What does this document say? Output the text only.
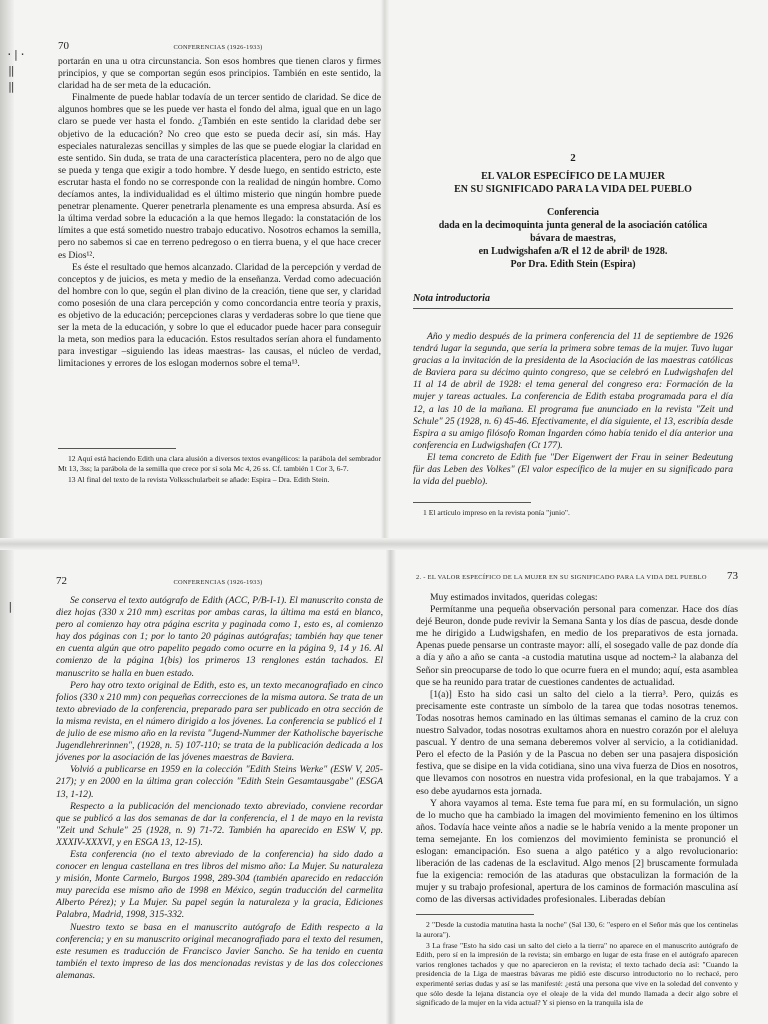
·|·
‖
‖
|
70	CONFERENCIAS (1926-1933)

portarán en una u otra circunstancia. Son esos hombres que tienen claros y firmes principios, y que se comportan según esos principios. También en este sentido, la claridad ha de ser meta de la educación.

Finalmente de puede hablar todavía de un tercer sentido de claridad. Se dice de algunos hombres que se les puede ver hasta el fondo del alma, igual que en un lago claro se puede ver hasta el fondo. ¿También en este sentido la claridad debe ser objetivo de la educación? No creo que esto se pueda decir así, sin más. Hay especiales naturalezas sencillas y simples de las que se puede elogiar la claridad en este sentido. Sin duda, se trata de una característica placentera, pero no de algo que se pueda y tenga que exigir a todo hombre. Y desde luego, en sentido estricto, este escrutar hasta el fondo no se corresponde con la realidad de ningún hombre. Como decíamos antes, la individualidad es el último misterio que ningún hombre puede penetrar plenamente. Querer penetrarla plenamente es una empresa absurda. Así es la última verdad sobre la educación a la que hemos llegado: la constatación de los límites a que está sometido nuestro trabajo educativo. Nosotros echamos la semilla, pero no sabemos si cae en terreno pedregoso o en tierra buena, y el que hace crecer es Dios¹².

Es éste el resultado que hemos alcanzado. Claridad de la percepción y verdad de conceptos y de juicios, es meta y medio de la enseñanza. Verdad como adecuación del hombre con lo que, según el plan divino de la creación, tiene que ser, y claridad como posesión de una clara percepción y como concordancia entre teoría y praxis, es objetivo de la educación; percepciones claras y verdaderas sobre lo que tiene que ser la meta de la educación, y sobre lo que el educador puede hacer para conseguir la meta, son medios para la educación. Estos resultados serían ahora el fundamento para investigar –siguiendo las ideas maestras- las causas, el núcleo de verdad, limitaciones y errores de los eslogan modernos sobre el tema¹³.

12 Aquí está haciendo Edith una clara alusión a diversos textos evangélicos: la parábola del sembrador Mt 13, 3ss; la parábola de la semilla que crece por sí sola Mc 4, 26 ss. Cf. también 1 Cor 3, 6-7.

13 Al final del texto de la revista Volksschularbeit se añade: Espira – Dra. Edith Stein.

2
EL VALOR ESPECÍFICO DE LA MUJER
EN SU SIGNIFICADO PARA LA VIDA DEL PUEBLO
Conferencia
dada en la decimoquinta junta general de la asociación católica
bávara de maestras,
en Ludwigshafen a/R el 12 de abril¹ de 1928.
Por Dra. Edith Stein (Espira)
Nota introductoria

Año y medio después de la primera conferencia del 11 de septiembre de 1926 tendrá lugar la segunda, que sería la primera sobre temas de la mujer. Tuvo lugar gracias a la invitación de la presidenta de la Asociación de las maestras católicas de Baviera para su décimo quinto congreso, que se celebró en Ludwigshafen del 11 al 14 de abril de 1928: el tema general del congreso era: Formación de la mujer y tareas actuales. La conferencia de Edith estaba programada para el día 12, a las 10 de la mañana. El programa fue anunciado en la revista "Zeit und Schule" 25 (1928, n. 6) 45-46. Efectivamente, el día siguiente, el 13, escribía desde Espira a su amigo filósofo Roman Ingarden cómo había tenido el día anterior una conferencia en Ludwigshafen (Ct 177).

El tema concreto de Edith fue "Der Eigenwert der Frau in seiner Bedeutung für das Leben des Volkes" (El valor específico de la mujer en su significado para la vida del pueblo).

1 El artículo impreso en la revista ponía "junio".

72	CONFERENCIAS (1926-1933)

Se conserva el texto autógrafo de Edith (ACC, P/B-I-1). El manuscrito consta de diez hojas (330 x 210 mm) escritas por ambas caras, la última ma está en blanco, pero al comienzo hay otra página escrita y paginada como 1, esto es, al comienzo hay dos páginas con 1; por lo tanto 20 páginas autógrafas; también hay que tener en cuenta algún que otro papelito pegado como ocurre en la página 9, 14 y 16. Al comienzo de la página 1(bis) los primeros 13 renglones están tachados. El manuscrito se halla en buen estado.

Pero hay otro texto original de Edith, esto es, un texto mecanografiado en cinco folios (330 x 210 mm) con pequeñas correcciones de la misma autora. Se trata de un texto abreviado de la conferencia, preparado para ser publicado en otra sección de la misma revista, en el número dirigido a los jóvenes. La conferencia se publicó el 1 de julio de ese mismo año en la revista "Jugend-Nummer der Katholische bayerische Jugendlehrerinnen", (1928, n. 5) 107-110; se trata de la publicación dedicada a los jóvenes por la asociación de las jóvenes maestras de Baviera.

Volvió a publicarse en 1959 en la colección "Edith Steins Werke" (ESW V, 205-217); y en 2000 en la última gran colección "Edith Stein Gesamtausgabe" (ESGA 13, 1-12).

Respecto a la publicación del mencionado texto abreviado, conviene recordar que se publicó a las dos semanas de dar la conferencia, el 1 de mayo en la revista "Zeit und Schule" 25 (1928, n. 9) 71-72. También ha aparecido en ESW V, pp. XXXIV-XXXVI, y en ESGA 13, 12-15).

Esta conferencia (no el texto abreviado de la conferencia) ha sido dado a conocer en lengua castellana en tres libros del mismo año: La Mujer. Su naturaleza y misión, Monte Carmelo, Burgos 1998, 289-304 (también aparecido en redacción muy parecida ese mismo año de 1998 en México, según traducción del carmelita Alberto Pérez); y La Mujer. Su papel según la naturaleza y la gracia, Ediciones Palabra, Madrid, 1998, 315-332.

Nuestro texto se basa en el manuscrito autógrafo de Edith respecto a la conferencia; y en su manuscrito original mecanografiado para el texto del resumen, este resumen es traducción de Francisco Javier Sancho. Se ha tenido en cuenta también el texto impreso de las dos mencionadas revistas y de las dos colecciones alemanas.

2. - EL VALOR ESPECÍFICO DE LA MUJER EN SU SIGNIFICADO PARA LA VIDA DEL PUEBLO 73

Muy estimados invitados, queridas colegas:

Permítanme una pequeña observación personal para comenzar. Hace dos días dejé Beuron, donde pude revivir la Semana Santa y los días de pascua, desde donde me he dirigido a Ludwigshafen, en medio de los preparativos de esta jornada. Apenas puede pensarse un contraste mayor: allí, el sosegado valle de paz donde día a día y año a año se canta -a custodia matutina usque ad noctem-² la alabanza del Señor sin preocuparse de todo lo que ocurre fuera en el mundo; aquí, esta asamblea que se ha reunido para tratar de cuestiones candentes de actualidad.

[1(a)] Esto ha sido casi un salto del cielo a la tierra³. Pero, quizás es precisamente este contraste un símbolo de la tarea que todas nosotras tenemos. Todas nosotras hemos caminado en las últimas semanas el camino de la cruz con nuestro Salvador, todas nosotras exultamos ahora en nuestro corazón por el aleluya pascual. Y dentro de una semana deberemos volver al servicio, a la cotidianidad. Pero el efecto de la Pasión y de la Pascua no deben ser una pasajera disposición festiva, que se disipe en la vida cotidiana, sino una viva fuerza de Dios en nosotros, que llevamos con nosotros en nuestra vida profesional, en la que trabajamos. Y a eso debe ayudarnos esta jornada.

Y ahora vayamos al tema. Este tema fue para mí, en su formulación, un signo de lo mucho que ha cambiado la imagen del movimiento femenino en los últimos años. Todavía hace veinte años a nadie se le habría venido a la mente proponer un tema semejante. En los comienzos del movimiento feminista se pronunció el eslogan: emancipación. Eso suena a algo patético y a algo revolucionario: liberación de las cadenas de la esclavitud. Algo menos [2] bruscamente formulada fue la exigencia: remoción de las ataduras que obstaculizan la formación de la mujer y su trabajo profesional, apertura de los caminos de formación masculina así como de las diversas actividades profesionales. Liberadas debían

2 "Desde la custodia matutina hasta la noche" (Sal 130, 6: "espero en el Señor más que los centinelas la aurora").

3 La frase "Esto ha sido casi un salto del cielo a la tierra" no aparece en el manuscrito autógrafo de Edith, pero sí en la impresión de la revista; sin embargo en lugar de esta frase en el autógrafo aparecen varios renglones tachados y que no aparecieron en la revista; el texto tachado decía así: "Cuando la presidencia de la Liga de maestras bávaras me pidió este discurso introductorio no lo rechacé, pero experimenté serias dudas y así se las manifesté: ¿está una persona que vive en la soledad del convento y que sólo desde la lejana distancia oye el oleaje de la vida del mundo llamada a decir algo sobre el significado de la mujer en la vida actual? Y si pienso en la tranquila isla de
